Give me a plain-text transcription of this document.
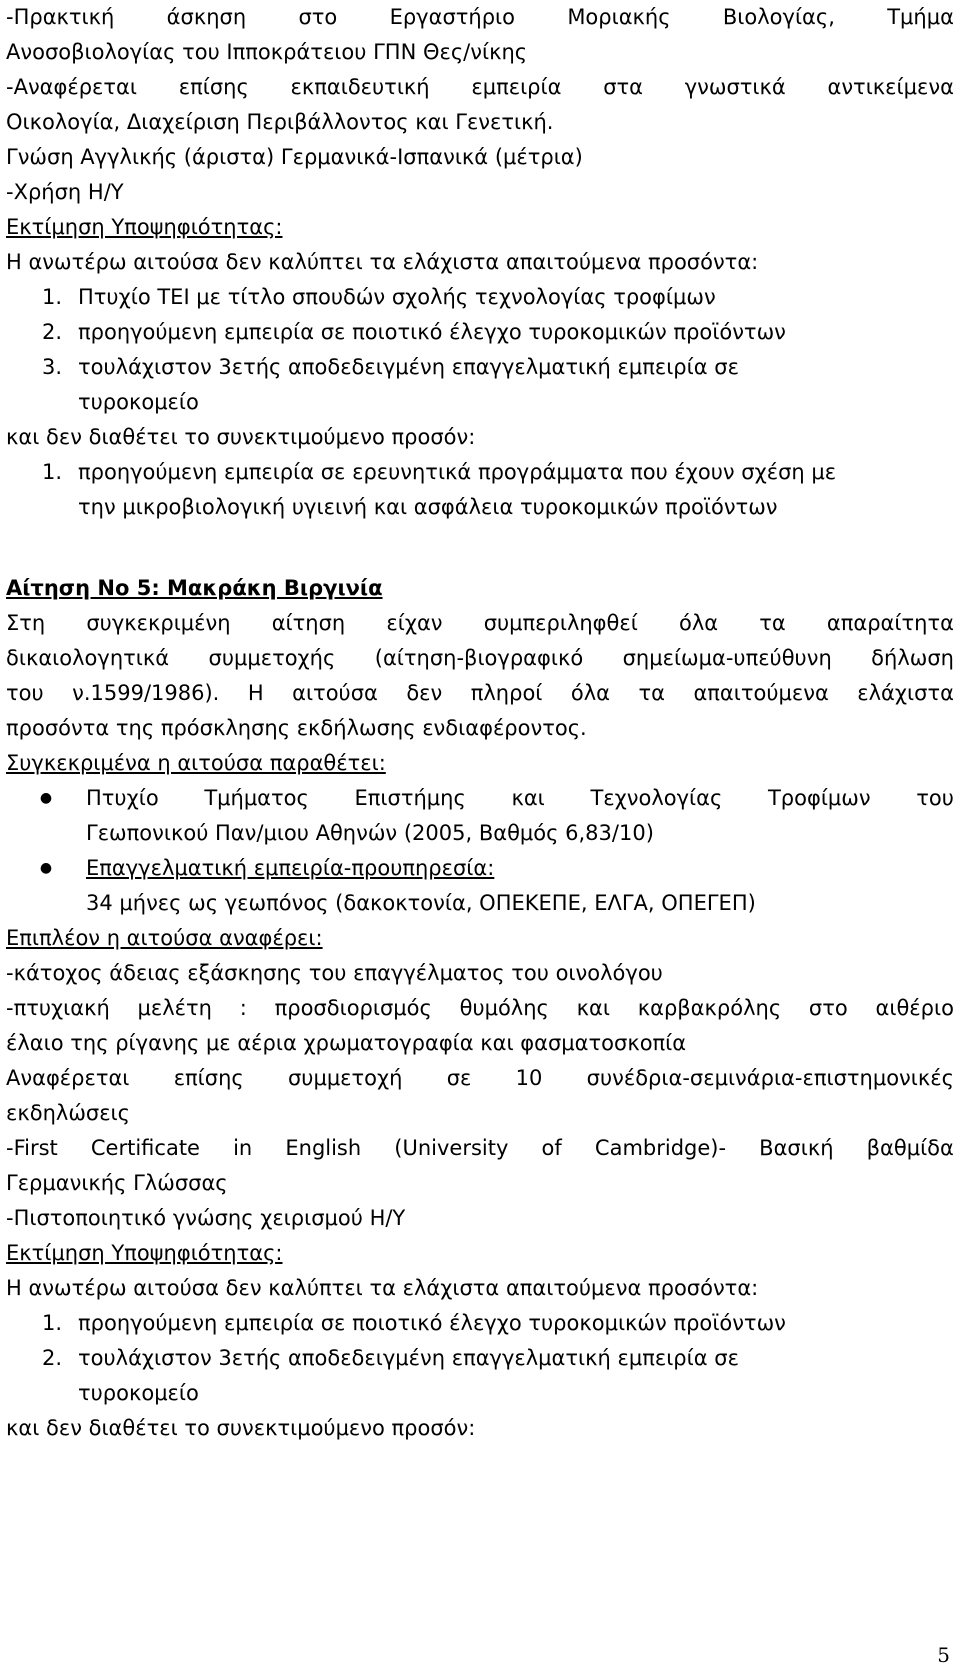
-Πρακτική άσκηση στο Εργαστήριο Μοριακής Βιολογίας, Τμήμα
Ανοσοβιολογίας του Ιπποκράτειου ΓΠΝ Θες/νίκης
-Αναφέρεται επίσης εκπαιδευτική εμπειρία στα γνωστικά αντικείμενα
Οικολογία, Διαχείριση Περιβάλλοντος και Γενετική.
Γνώση Αγγλικής (άριστα) Γερμανικά-Ισπανικά (μέτρια)
-Χρήση Η/Υ
Εκτίμηση Υποψηφιότητας:
Η ανωτέρω αιτούσα δεν καλύπτει τα ελάχιστα απαιτούμενα προσόντα:
1. Πτυχίο ΤΕΙ με τίτλο σπουδών σχολής τεχνολογίας τροφίμων
2. προηγούμενη εμπειρία σε ποιοτικό έλεγχο τυροκομικών προϊόντων
3. τουλάχιστον 3ετής αποδεδειγμένη επαγγελματική εμπειρία σε
τυροκομείο
και δεν διαθέτει το συνεκτιμούμενο προσόν:
1. προηγούμενη εμπειρία σε ερευνητικά προγράμματα που έχουν σχέση με
την μικροβιολογική υγιεινή και ασφάλεια τυροκομικών προϊόντων
Αίτηση Νο 5: Μακράκη Βιργινία
Στη συγκεκριμένη αίτηση είχαν συμπεριληφθεί όλα τα απαραίτητα
δικαιολογητικά συμμετοχής (αίτηση-βιογραφικό σημείωμα-υπεύθυνη δήλωση
του ν.1599/1986). Η αιτούσα δεν πληροί όλα τα απαιτούμενα ελάχιστα
προσόντα της πρόσκλησης εκδήλωσης ενδιαφέροντος.
Συγκεκριμένα η αιτούσα παραθέτει:
●	Πτυχίο Τμήματος Επιστήμης και Τεχνολογίας Τροφίμων του
Γεωπονικού Παν/μιου Αθηνών (2005, Βαθμός 6,83/10)
●	Επαγγελματική εμπειρία-προυπηρεσία:
34 μήνες ως γεωπόνος (δακοκτονία, ΟΠΕΚΕΠΕ, ΕΛΓΑ, ΟΠΕΓΕΠ)
Επιπλέον η αιτούσα αναφέρει:
-κάτοχος άδειας εξάσκησης του επαγγέλματος του οινολόγου
-πτυχιακή μελέτη : προσδιορισμός θυμόλης και καρβακρόλης στο αιθέριο
έλαιο της ρίγανης με αέρια χρωματογραφία και φασματοσκοπία
Αναφέρεται επίσης συμμετοχή σε 10 συνέδρια-σεμινάρια-επιστημονικές
εκδηλώσεις
-First Certificate in English (University of Cambridge)- Βασική βαθμίδα
Γερμανικής Γλώσσας
-Πιστοποιητικό γνώσης χειρισμού Η/Υ
Εκτίμηση Υποψηφιότητας:
Η ανωτέρω αιτούσα δεν καλύπτει τα ελάχιστα απαιτούμενα προσόντα:
1. προηγούμενη εμπειρία σε ποιοτικό έλεγχο τυροκομικών προϊόντων
2. τουλάχιστον 3ετής αποδεδειγμένη επαγγελματική εμπειρία σε
τυροκομείο
και δεν διαθέτει το συνεκτιμούμενο προσόν:
5
